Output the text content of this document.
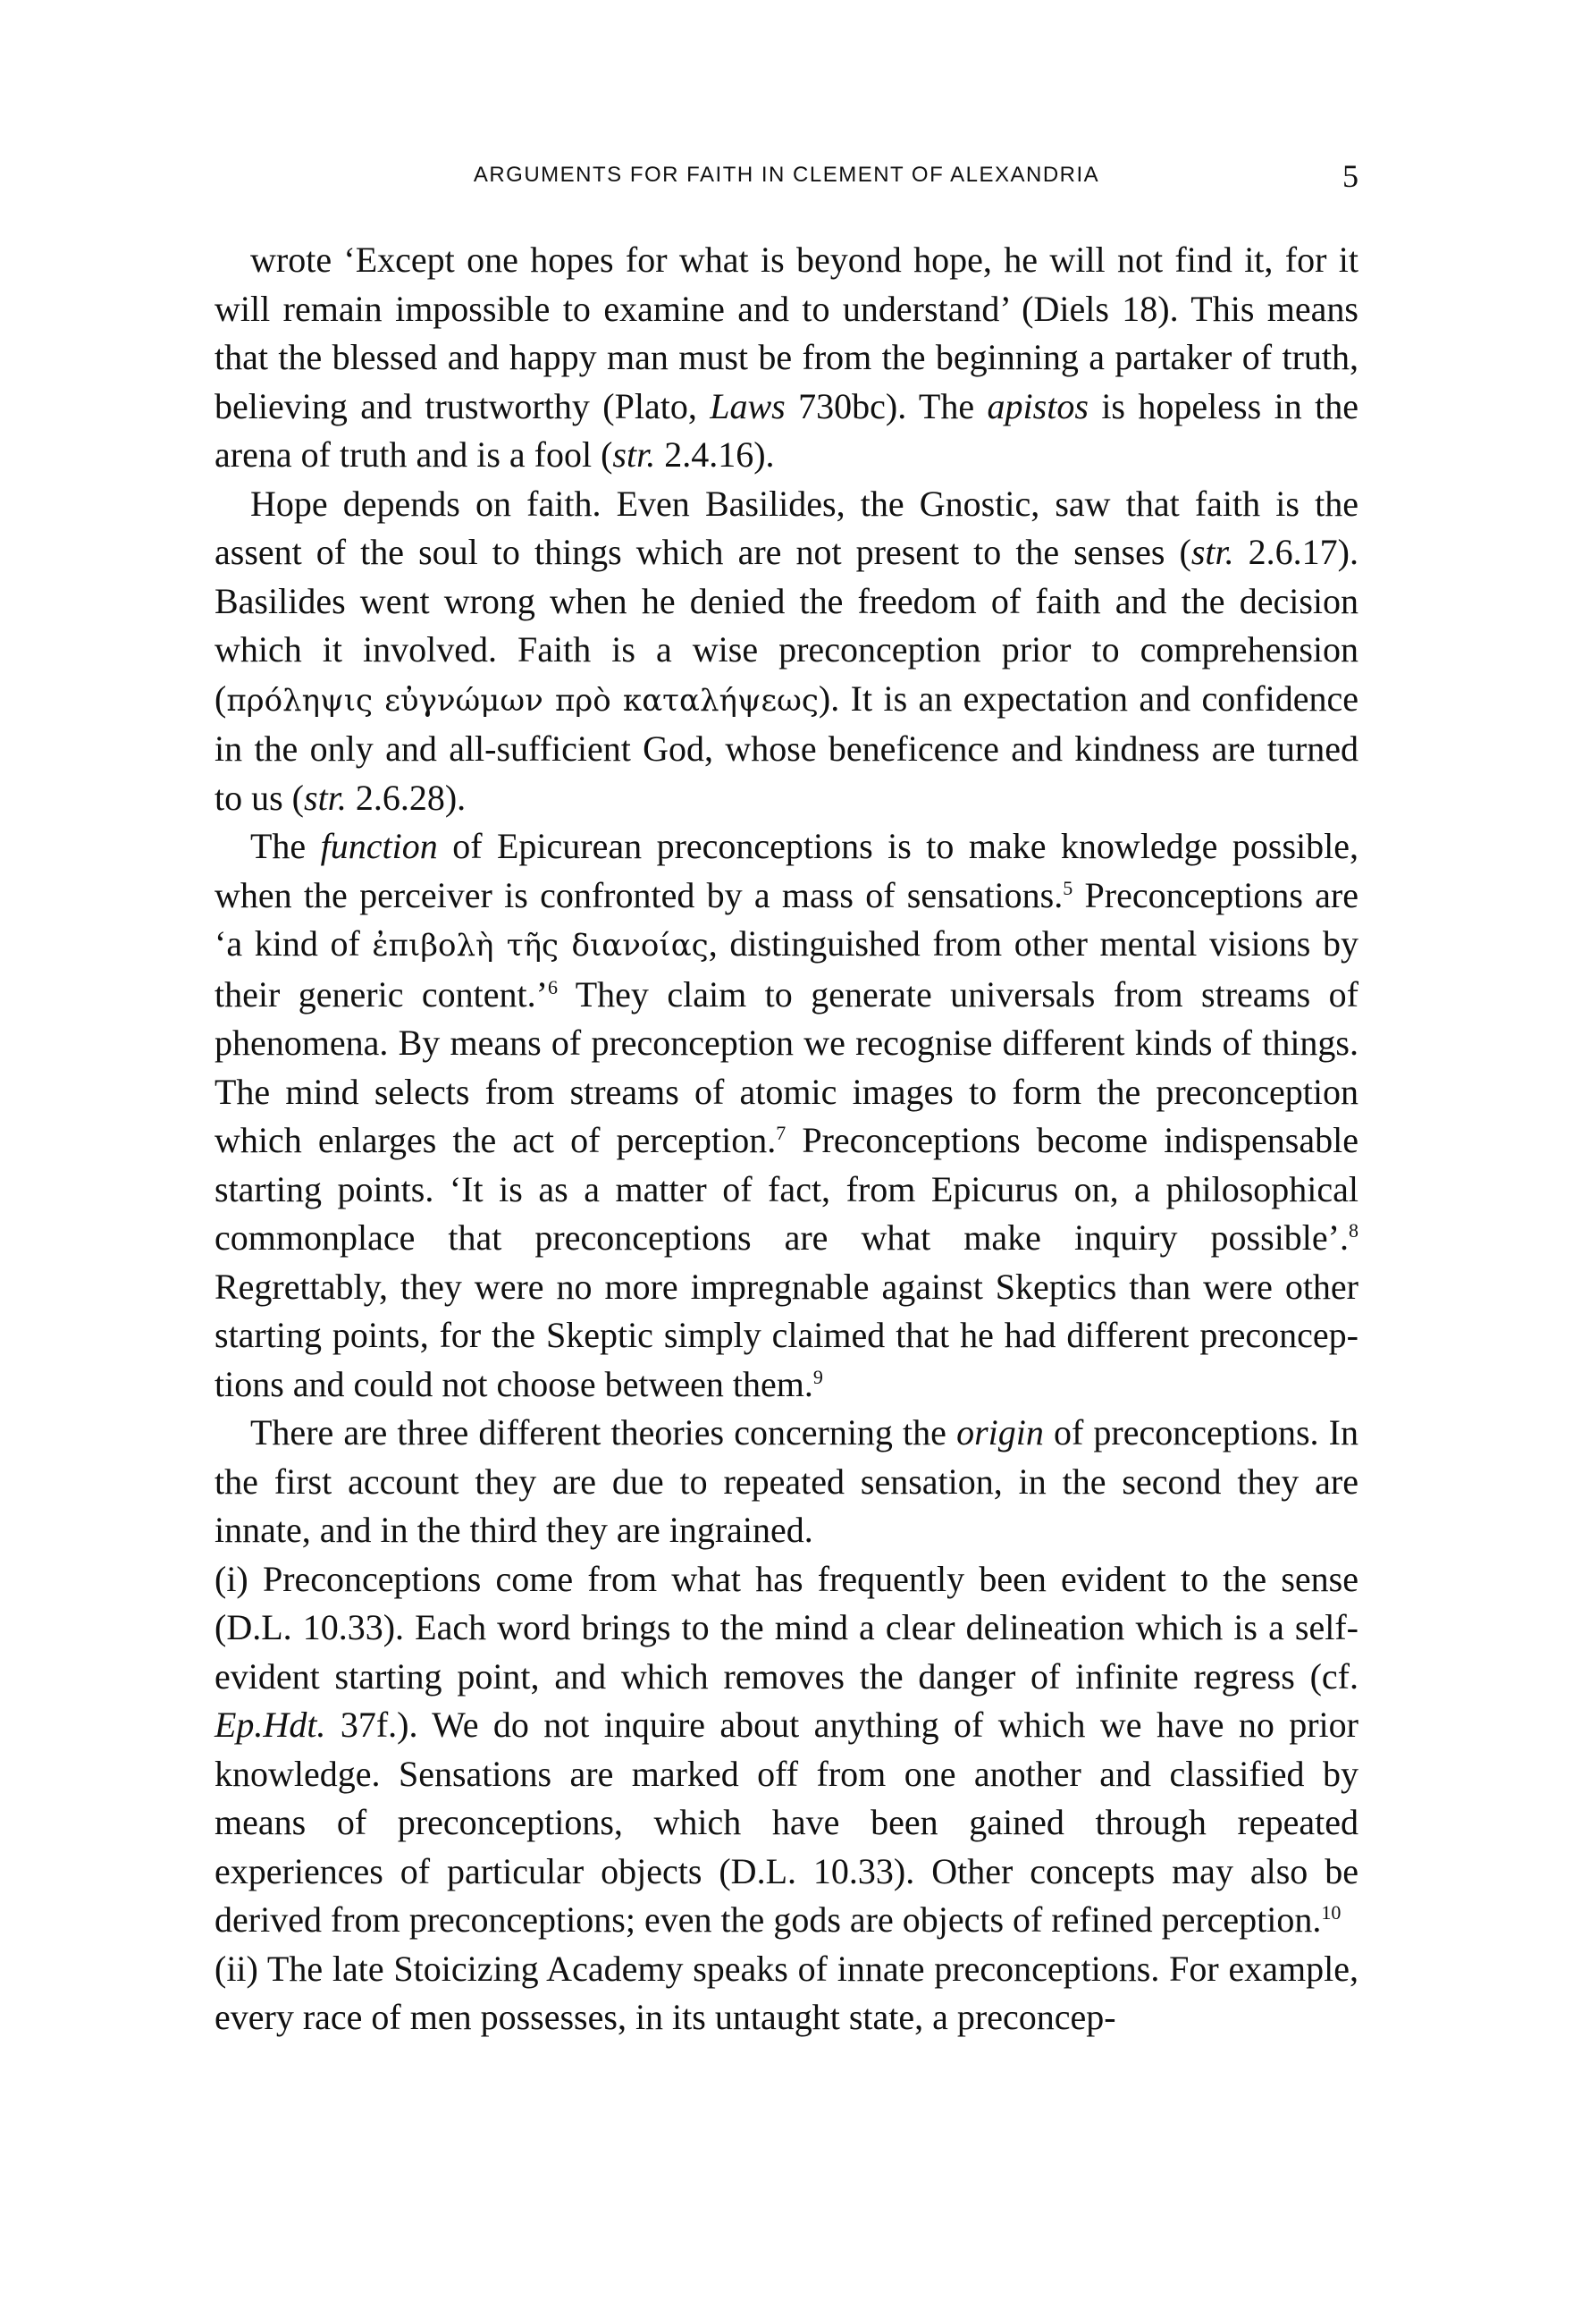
ARGUMENTS FOR FAITH IN CLEMENT OF ALEXANDRIA	5

wrote ‘Except one hopes for what is beyond hope, he will not find it, for it will remain impossible to examine and to understand’ (Diels 18). This means that the blessed and happy man must be from the beginning a partaker of truth, believing and trustworthy (Plato, Laws 730bc). The apistos is hopeless in the arena of truth and is a fool (str. 2.4.16).

Hope depends on faith. Even Basilides, the Gnostic, saw that faith is the assent of the soul to things which are not present to the senses (str. 2.6.17). Basilides went wrong when he denied the freedom of faith and the decision which it involved. Faith is a wise preconception prior to comprehension (πρόληψις εὐγνώμων πρὸ καταλήψεως). It is an expectation and confidence in the only and all-sufficient God, whose beneficence and kindness are turned to us (str. 2.6.28).

The function of Epicurean preconceptions is to make knowledge possible, when the perceiver is confronted by a mass of sensations.$^5$ Preconceptions are ‘a kind of ἐπιβολὴ τῆς διανοίας, distinguished from other mental visions by their generic content.’$^6$ They claim to generate universals from streams of phenomena. By means of preconception we recognise different kinds of things. The mind selects from streams of atomic images to form the preconception which enlarges the act of perception.$^7$ Preconceptions become indispensable starting points. ‘It is as a matter of fact, from Epicurus on, a philosophical commonplace that preconceptions are what make inquiry possible’.$^8$ Regrettably, they were no more impregnable against Skeptics than were other starting points, for the Skeptic simply claimed that he had different preconceptions and could not choose between them.$^9$

There are three different theories concerning the origin of preconceptions. In the first account they are due to repeated sensation, in the second they are innate, and in the third they are ingrained.

(i) Preconceptions come from what has frequently been evident to the sense (D.L. 10.33). Each word brings to the mind a clear delineation which is a self-evident starting point, and which removes the danger of infinite regress (cf. Ep.Hdt. 37f.). We do not inquire about anything of which we have no prior knowledge. Sensations are marked off from one another and classified by means of preconceptions, which have been gained through repeated experiences of particular objects (D.L. 10.33). Other concepts may also be derived from preconceptions; even the gods are objects of refined perception.$^{10}$

(ii) The late Stoicizing Academy speaks of innate preconceptions. For example, every race of men possesses, in its untaught state, a preconcep-
